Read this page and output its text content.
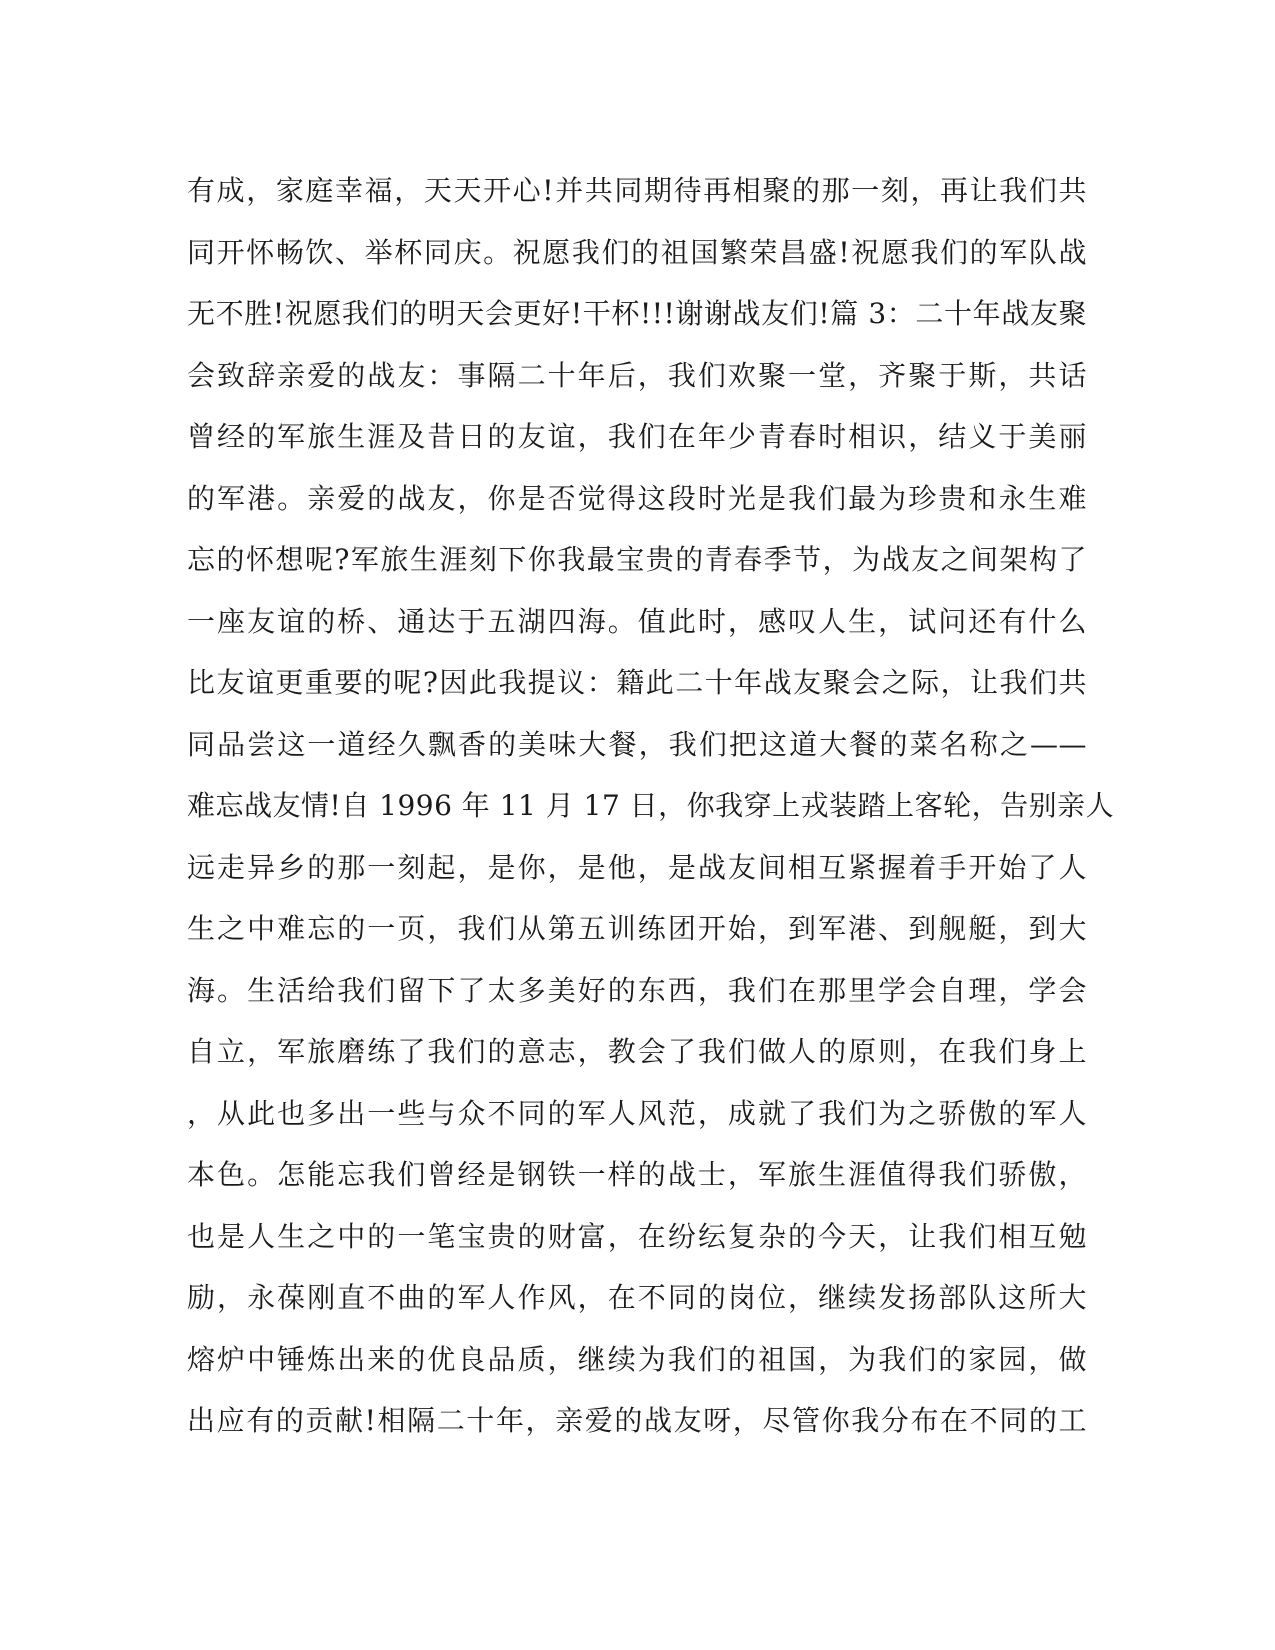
有成，家庭幸福，天天开心!并共同期待再相聚的那一刻，再让我们共
同开怀畅饮、举杯同庆。祝愿我们的祖国繁荣昌盛!祝愿我们的军队战
无不胜!祝愿我们的明天会更好!干杯!!!谢谢战友们!篇 3：二十年战友聚
会致辞亲爱的战友：事隔二十年后，我们欢聚一堂，齐聚于斯，共话
曾经的军旅生涯及昔日的友谊，我们在年少青春时相识，结义于美丽
的军港。亲爱的战友，你是否觉得这段时光是我们最为珍贵和永生难
忘的怀想呢?军旅生涯刻下你我最宝贵的青春季节，为战友之间架构了
一座友谊的桥、通达于五湖四海。值此时，感叹人生，试问还有什么
比友谊更重要的呢?因此我提议：籍此二十年战友聚会之际，让我们共
同品尝这一道经久飘香的美味大餐，我们把这道大餐的菜名称之——
难忘战友情!自 1996 年 11 月 17 日，你我穿上戎装踏上客轮，告别亲人
远走异乡的那一刻起，是你，是他，是战友间相互紧握着手开始了人
生之中难忘的一页，我们从第五训练团开始，到军港、到舰艇，到大
海。生活给我们留下了太多美好的东西，我们在那里学会自理，学会
自立，军旅磨练了我们的意志，教会了我们做人的原则，在我们身上
，从此也多出一些与众不同的军人风范，成就了我们为之骄傲的军人
本色。怎能忘我们曾经是钢铁一样的战士，军旅生涯值得我们骄傲，
也是人生之中的一笔宝贵的财富，在纷纭复杂的今天，让我们相互勉
励，永葆刚直不曲的军人作风，在不同的岗位，继续发扬部队这所大
熔炉中锤炼出来的优良品质，继续为我们的祖国，为我们的家园，做
出应有的贡献!相隔二十年，亲爱的战友呀，尽管你我分布在不同的工
